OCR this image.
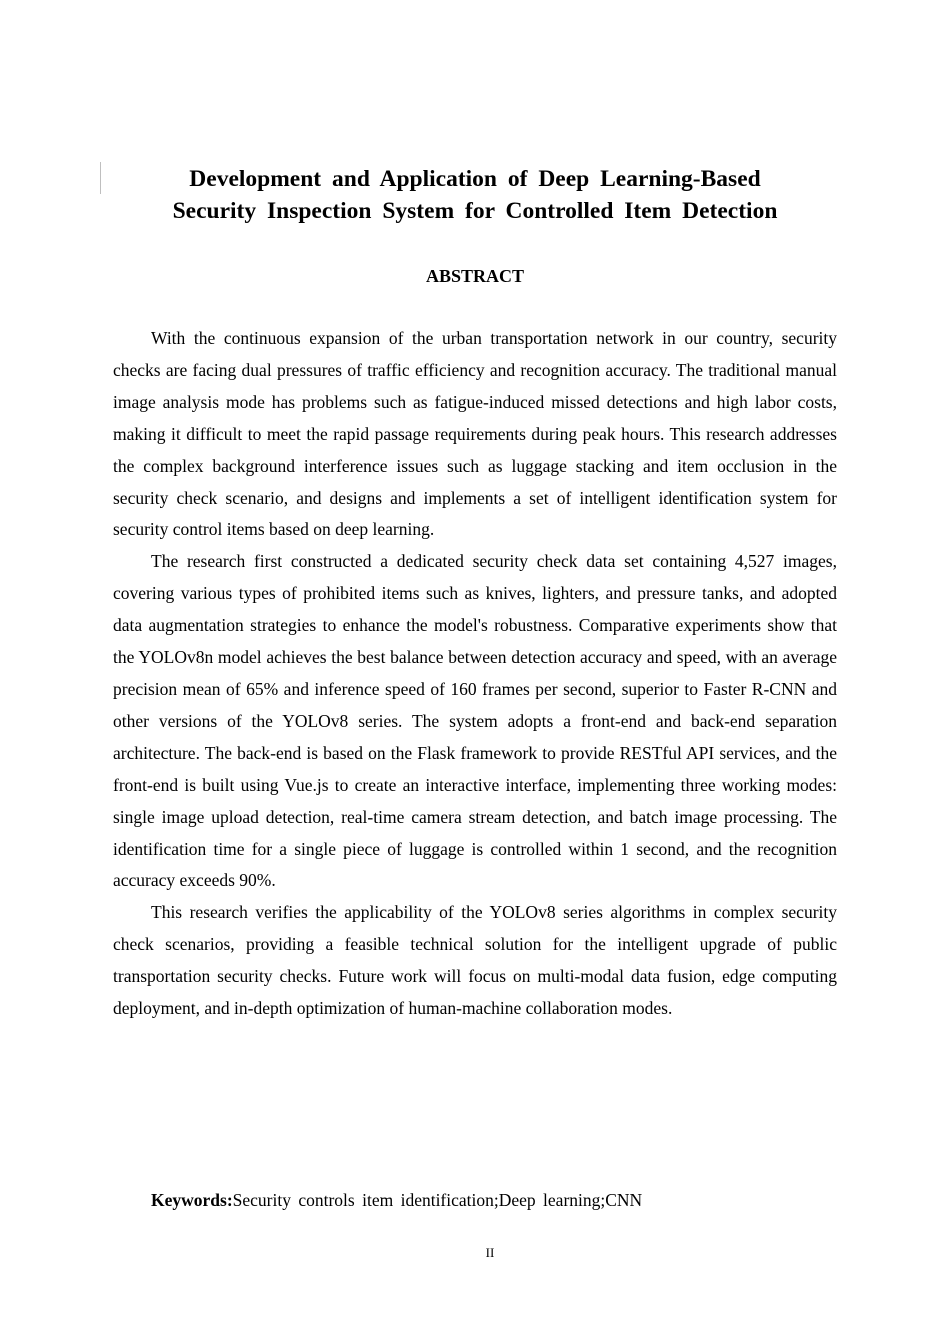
Development and Application of Deep Learning-Based
Security Inspection System for Controlled Item Detection
ABSTRACT

With the continuous expansion of the urban transportation network in our country, security checks are facing dual pressures of traffic efficiency and recognition accuracy. The traditional manual image analysis mode has problems such as fatigue-induced missed detections and high labor costs, making it difficult to meet the rapid passage requirements during peak hours. This research addresses the complex background interference issues such as luggage stacking and item occlusion in the security check scenario, and designs and implements a set of intelligent identification system for security control items based on deep learning.

The research first constructed a dedicated security check data set containing 4,527 images, covering various types of prohibited items such as knives, lighters, and pressure tanks, and adopted data augmentation strategies to enhance the model's robustness. Comparative experiments show that the YOLOv8n model achieves the best balance between detection accuracy and speed, with an average precision mean of 65% and inference speed of 160 frames per second, superior to Faster R-CNN and other versions of the YOLOv8 series. The system adopts a front-end and back-end separation architecture. The back-end is based on the Flask framework to provide RESTful API services, and the front-end is built using Vue.js to create an interactive interface, implementing three working modes: single image upload detection, real-time camera stream detection, and batch image processing. The identification time for a single piece of luggage is controlled within 1 second, and the recognition accuracy exceeds 90%.

This research verifies the applicability of the YOLOv8 series algorithms in complex security check scenarios, providing a feasible technical solution for the intelligent upgrade of public transportation security checks. Future work will focus on multi-modal data fusion, edge computing deployment, and in-depth optimization of human-machine collaboration modes.

Keywords:Security controls item identification;Deep learning;CNN
II
